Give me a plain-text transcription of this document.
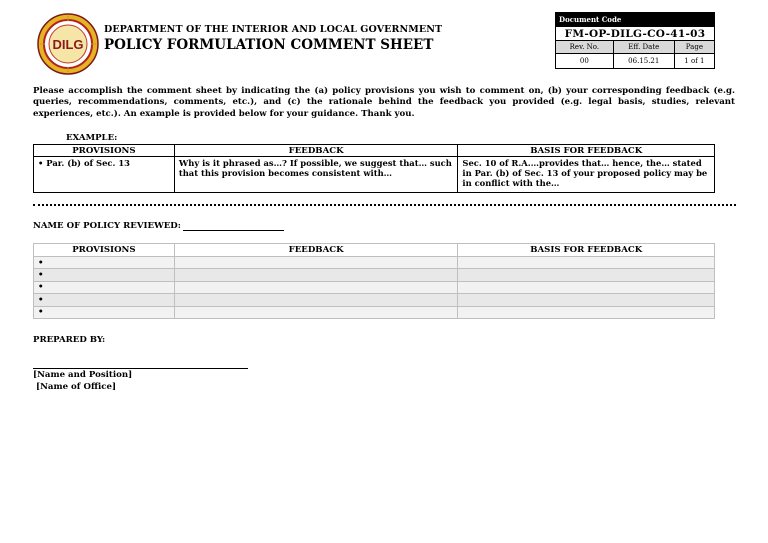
DILG
DEPARTMENT OF THE INTERIOR AND LOCAL GOVERNMENT
POLICY FORMULATION COMMENT SHEET
Document Code		
FM-OP-DILG-CO-41-03		
Rev. No.	Eff. Date	Page
00	06.15.21	1 of 1
Please accomplish the comment sheet by indicating the (a) policy provisions you wish to comment on, (b) your corresponding feedback (e.g. queries, recommendations, comments, etc.), and (c) the rationale behind the feedback you provided (e.g. legal basis, studies, relevant experiences, etc.). An example is provided below for your guidance. Thank you.
EXAMPLE:
PROVISIONS	FEEDBACK	BASIS FOR FEEDBACK
• Par. (b) of Sec. 13	Why is it phrased as…? If possible, we suggest that… such that this provision becomes consistent with…	Sec. 10 of R.A.…provides that… hence, the… stated in Par. (b) of Sec. 13 of your proposed policy may be in conflict with the…
NAME OF POLICY REVIEWED:
PROVISIONS	FEEDBACK	BASIS FOR FEEDBACK
•		
•		
•		
•		
•		
PREPARED BY:
[Name and Position]
[Name of Office]
